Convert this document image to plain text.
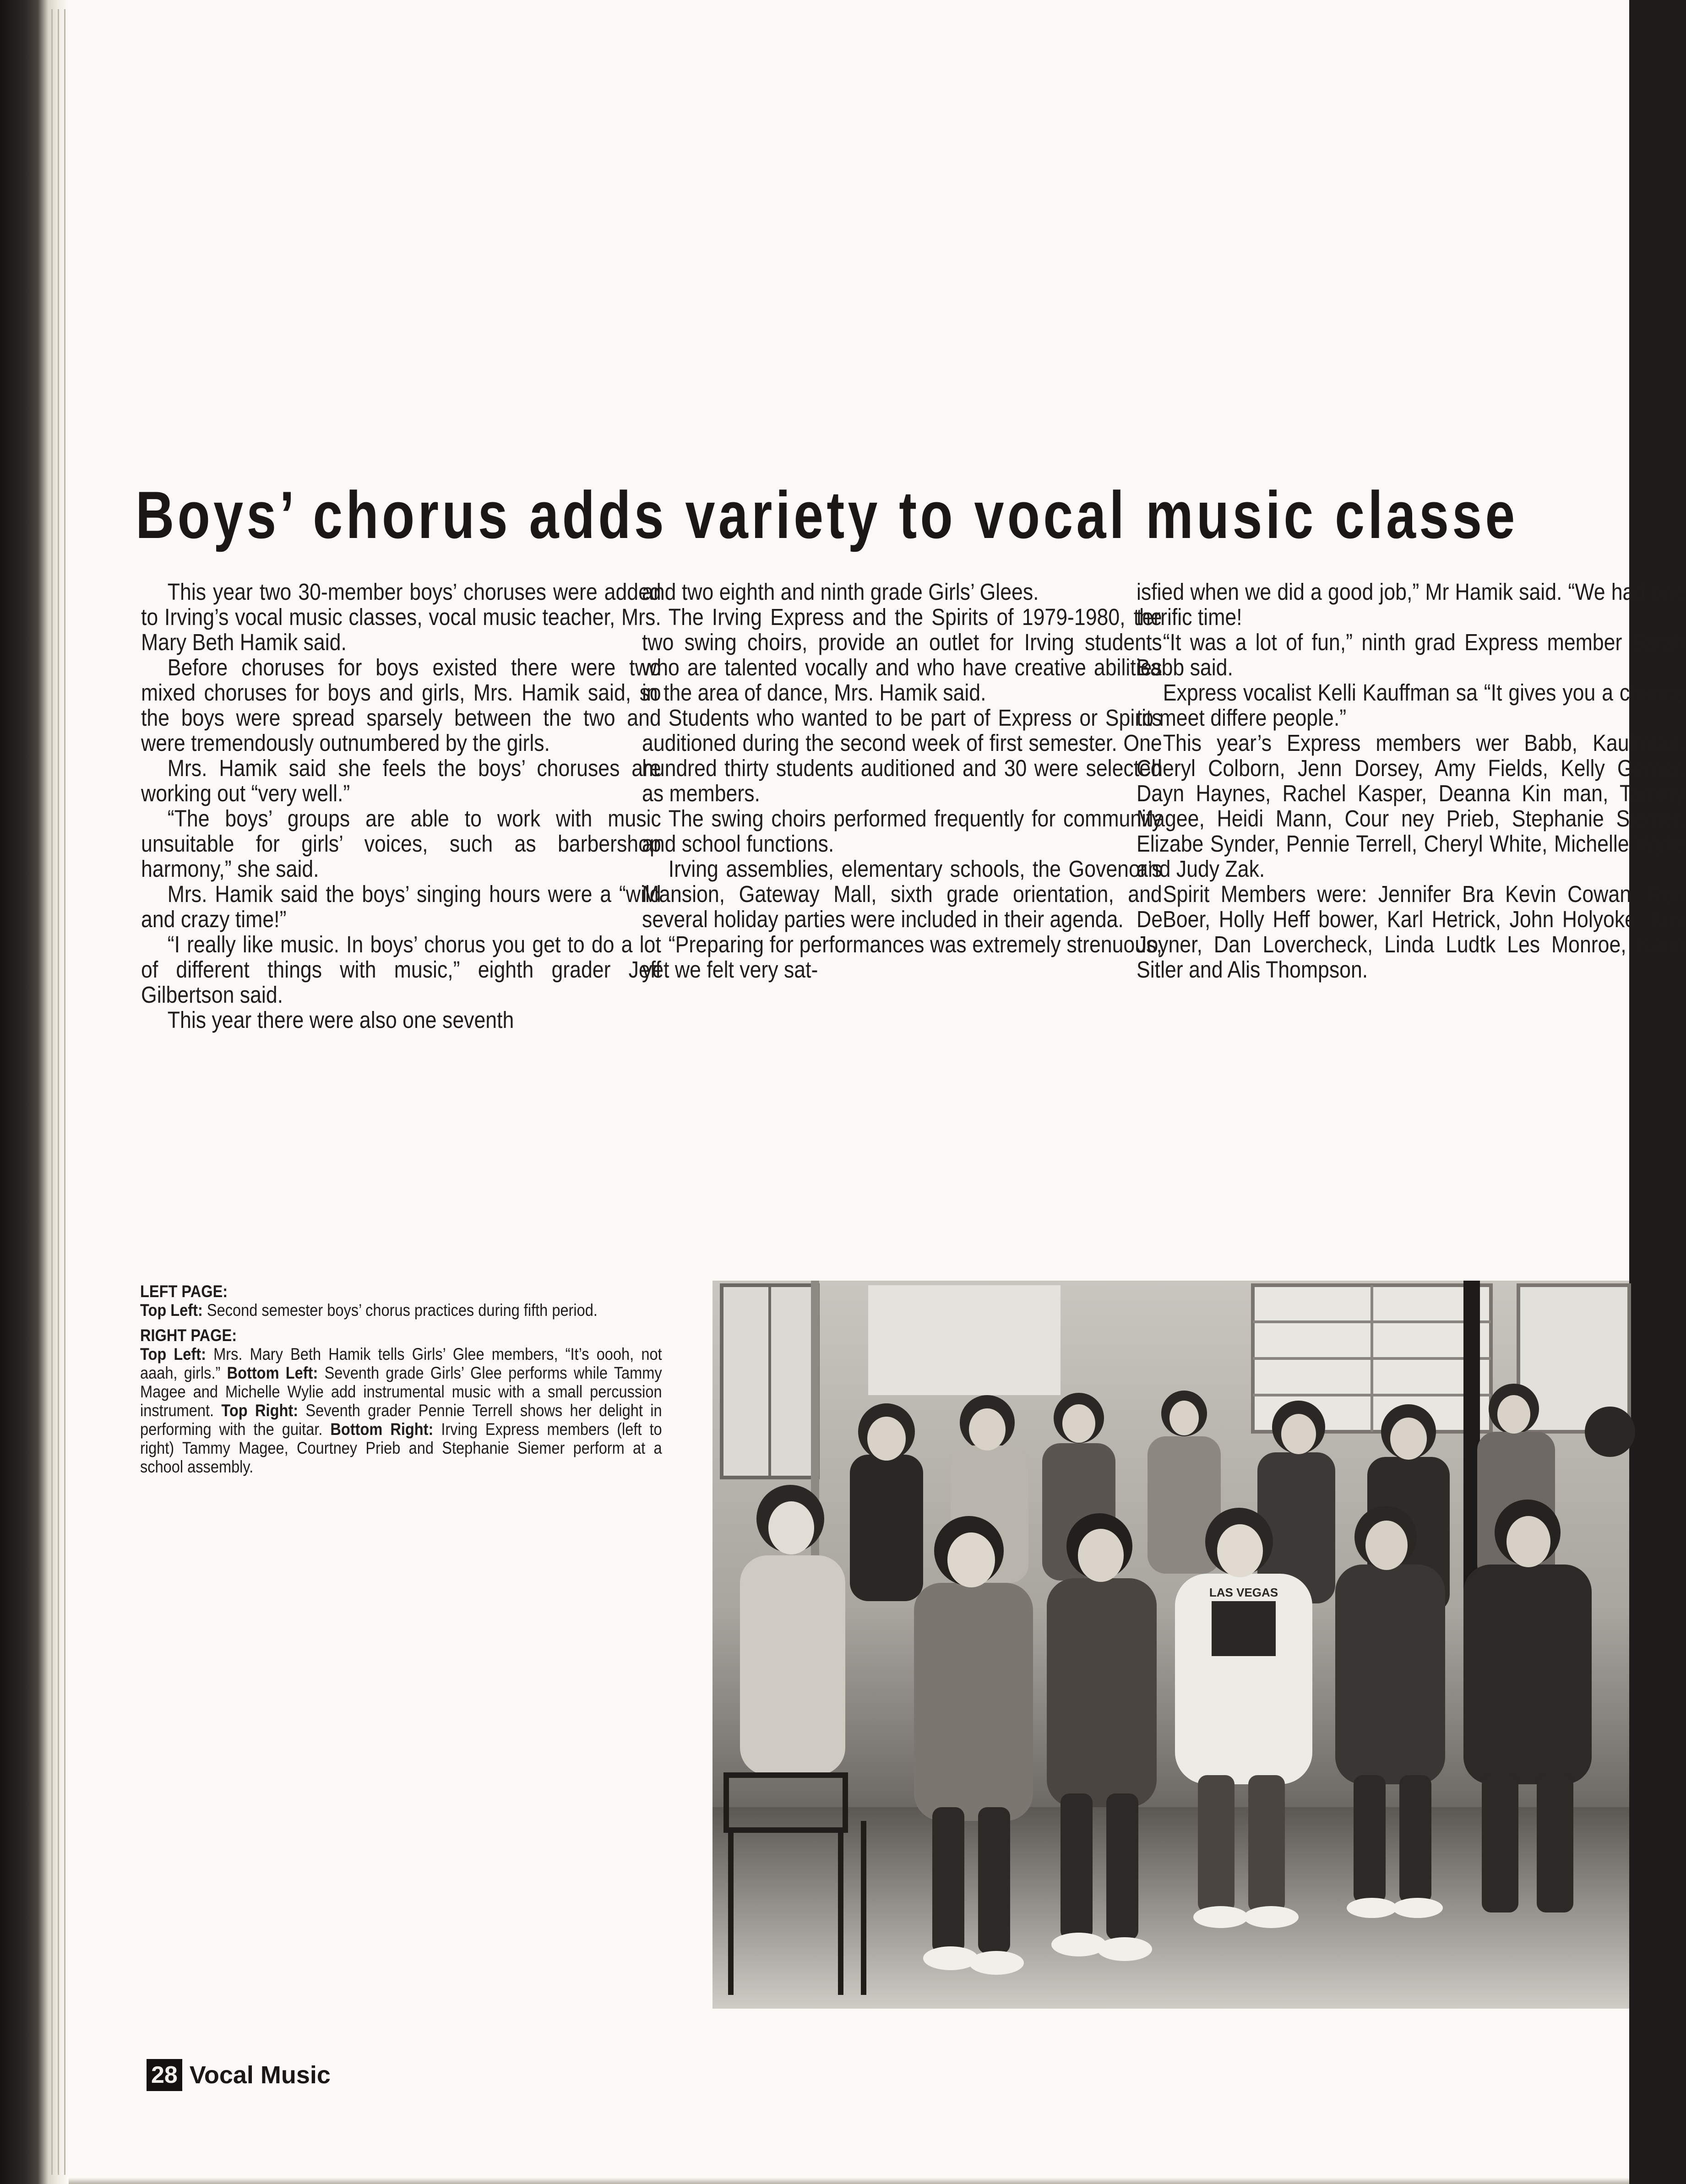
Boys’ chorus adds variety to vocal music classe

This year two 30-member boys’ choruses were added to Irving’s vocal music classes, vocal music teacher, Mrs. Mary Beth Hamik said.

Before choruses for boys existed there were two mixed choruses for boys and girls, Mrs. Hamik said, so the boys were spread sparsely between the two and were tremendously outnumbered by the girls.

Mrs. Hamik said she feels the boys’ choruses are working out “very well.”

“The boys’ groups are able to work with music unsuitable for girls’ voices, such as barbershop harmony,” she said.

Mrs. Hamik said the boys’ singing hours were a “wild and crazy time!”

“I really like music. In boys’ chorus you get to do a lot of different things with music,” eighth grader Jeff Gilbertson said.

This year there were also one seventh

and two eighth and ninth grade Girls’ Glees.

The Irving Express and the Spirits of 1979-1980, the two swing choirs, provide an outlet for Irving students who are talented vocally and who have creative abilities in the area of dance, Mrs. Hamik said.

Students who wanted to be part of Express or Spirits auditioned during the second week of first semester. One hundred thirty students auditioned and 30 were selected as members.

The swing choirs performed frequently for community and school functions.

Irving assemblies, elementary schools, the Govenor’s Mansion, Gateway Mall, sixth grade orientation, and several holiday parties were included in their agenda.

“Preparing for performances was extremely strenuous, yet we felt very sat-

isfied when we did a good job,” Mr Hamik said. “We had one terrific time!

“It was a lot of fun,” ninth grad Express member Sarah Babb said.

Express vocalist Kelli Kauffman sa “It gives you a chance to meet differe people.”

This year’s Express members wer Babb, Kauffman, Cheryl Colborn, Jenn Dorsey, Amy Fields, Kelly Gerner, Dayn Haynes, Rachel Kasper, Deanna Kin man, Tammy Magee, Heidi Mann, Cour ney Prieb, Stephanie Siemer, Elizabe Synder, Pennie Terrell, Cheryl White, Michelle Wylie and Judy Zak.

Spirit Members were: Jennifer Bra Kevin Cowan, Ron DeBoer, Holly Heff bower, Karl Hetrick, John Holyoke, Kris Joyner, Dan Lovercheck, Linda Ludtk Les Monroe, Karin Sitler and Alis Thompson.

LEFT PAGE:

Top Left: Second semester boys’ chorus practices during fifth period.

RIGHT PAGE:

Top Left: Mrs. Mary Beth Hamik tells Girls’ Glee members, “It’s oooh, not aaah, girls.” Bottom Left: Seventh grade Girls’ Glee performs while Tammy Magee and Michelle Wylie add instrumental music with a small percussion instrument. Top Right: Seventh grader Pennie Terrell shows her delight in performing with the guitar. Bottom Right: Irving Express members (left to right) Tammy Magee, Courtney Prieb and Stephanie Siemer perform at a school assembly.

LAS VEGAS
28 Vocal Music
